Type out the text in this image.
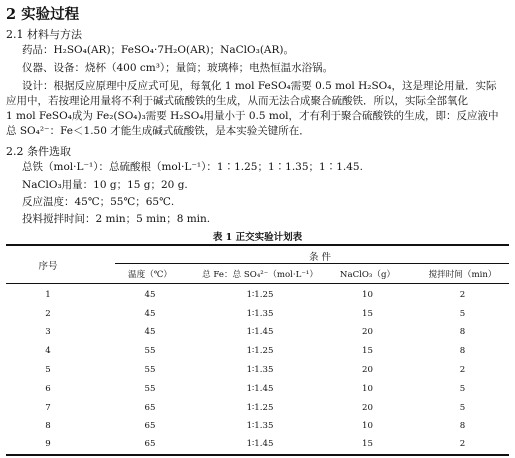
2 实验过程
2.1 材料与方法
药品：H₂SO₄(AR)；FeSO₄·7H₂O(AR)；NaClO₃(AR)。
仪器、设备：烧杯（400 cm³）；量筒；玻璃棒；电热恒温水浴锅。
设计：根据反应原理中反应式可见，每氧化 1 mol FeSO₄需要 0.5 mol H₂SO₄，这是理论用量．实际
应用中，若按理论用量将不利于碱式硫酸铁的生成，从而无法合成聚合硫酸铁．所以，实际全部氧化
1 mol FeSO₄成为 Fe₂(SO₄)₃需要 H₂SO₄用量小于 0.5 mol，才有利于聚合硫酸铁的生成，即：反应液中
总 SO₄²⁻：Fe＜1.50 才能生成碱式硫酸铁，是本实验关键所在．
2.2 条件选取
总铁（mol·L⁻¹）：总硫酸根（mol·L⁻¹）：1∶1.25；1∶1.35；1∶1.45.
NaClO₃用量：10 g；15 g；20 g.
反应温度：45℃；55℃；65℃.
投料搅拌时间：2 min；5 min；8 min.
表 1 正交实验计划表
序号
条 件
温度（℃）	总 Fe：总 SO₄²⁻（mol·L⁻¹）	NaClO₃（g）	搅拌时间（min）
1	45	1∶1.25	10	2
2	45	1∶1.35	15	5
3	45	1∶1.45	20	8
4	55	1∶1.25	15	8
5	55	1∶1.35	20	2
6	55	1∶1.45	10	5
7	65	1∶1.25	20	5
8	65	1∶1.35	10	8
9	65	1∶1.45	15	2
